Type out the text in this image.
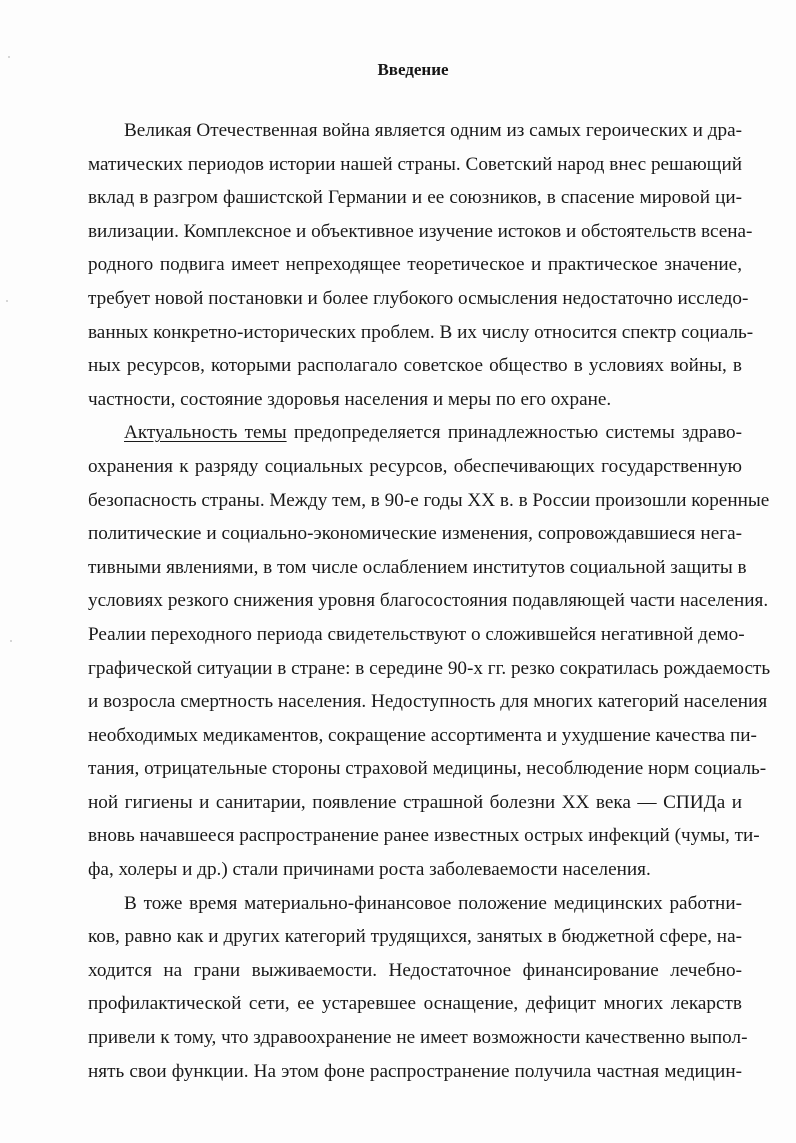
Введение
Великая Отечественная война является одним из самых героических и дра-
матических периодов истории нашей страны. Советский народ внес решающий
вклад в разгром фашистской Германии и ее союзников, в спасение мировой ци-
вилизации. Комплексное и объективное изучение истоков и обстоятельств всена-
родного подвига имеет непреходящее теоретическое и практическое значение,
требует новой постановки и более глубокого осмысления недостаточно исследо-
ванных конкретно-исторических проблем. В их числу относится спектр социаль-
ных ресурсов, которыми располагало советское общество в условиях войны, в
частности, состояние здоровья населения и меры по его охране.
Актуальность темы предопределяется принадлежностью системы здраво-
охранения к разряду социальных ресурсов, обеспечивающих государственную
безопасность страны. Между тем, в 90-е годы XX в. в России произошли коренные
политические и социально-экономические изменения, сопровождавшиеся нега-
тивными явлениями, в том числе ослаблением институтов социальной защиты в
условиях резкого снижения уровня благосостояния подавляющей части населения.
Реалии переходного периода свидетельствуют о сложившейся негативной демо-
графической ситуации в стране: в середине 90-х гг. резко сократилась рождаемость
и возросла смертность населения. Недоступность для многих категорий населения
необходимых медикаментов, сокращение ассортимента и ухудшение качества пи-
тания, отрицательные стороны страховой медицины, несоблюдение норм социаль-
ной гигиены и санитарии, появление страшной болезни XX века — СПИДа и
вновь начавшееся распространение ранее известных острых инфекций (чумы, ти-
фа, холеры и др.) стали причинами роста заболеваемости населения.
В тоже время материально-финансовое положение медицинских работни-
ков, равно как и других категорий трудящихся, занятых в бюджетной сфере, на-
ходится на грани выживаемости. Недостаточное финансирование лечебно-
профилактической сети, ее устаревшее оснащение, дефицит многих лекарств
привели к тому, что здравоохранение не имеет возможности качественно выпол-
нять свои функции. На этом фоне распространение получила частная медицин-
